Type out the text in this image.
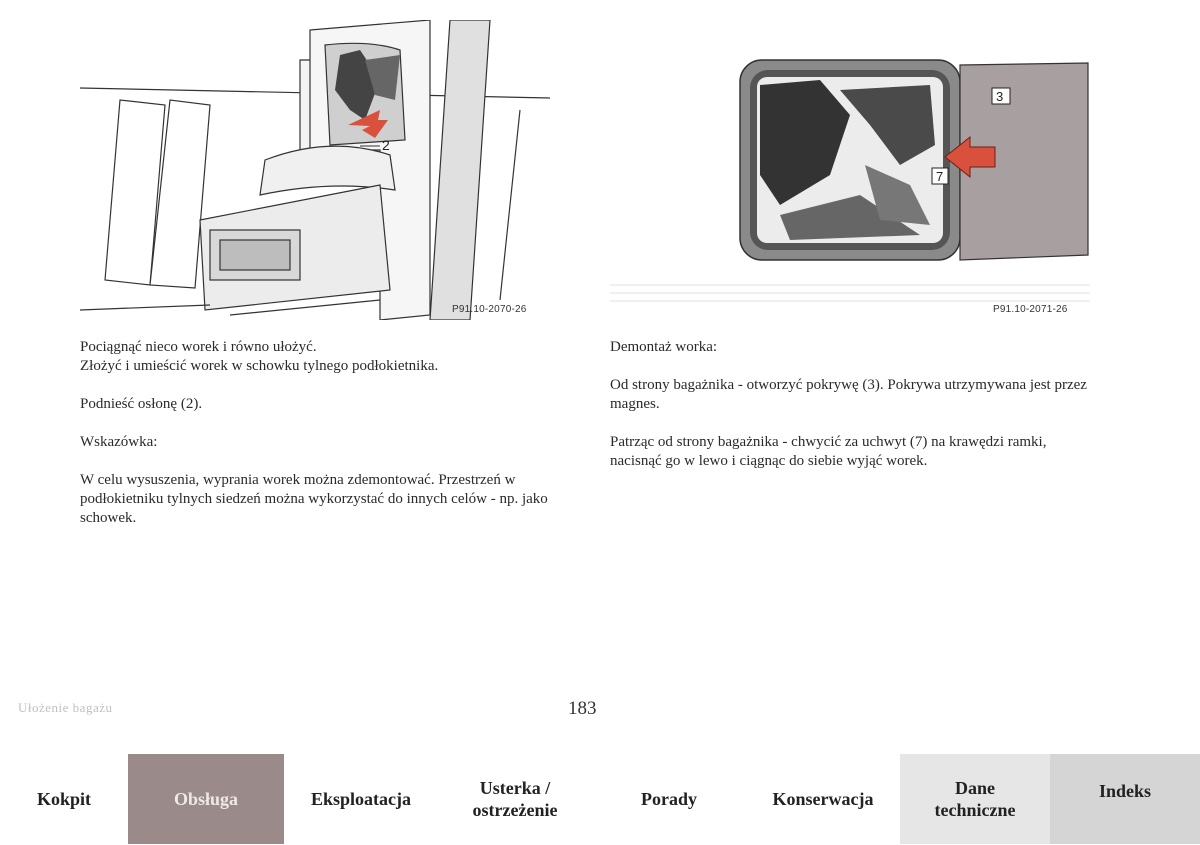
2
P91.10-2070-26
3
7
P91.10-2071-26

Pociągnąć nieco worek i równo ułożyć.
Złożyć i umieścić worek w schowku tylnego podłokietnika.

Podnieść osłonę (2).

Wskazówka:

W celu wysuszenia, wyprania worek można zdemontować. Przestrzeń w podłokietniku tylnych siedzeń można wykorzystać do innych celów - np. jako schowek.

Demontaż worka:

Od strony bagażnika - otworzyć pokrywę (3). Pokrywa utrzymywana jest przez magnes.

Patrząc od strony bagażnika - chwycić za uchwyt (7) na krawędzi ramki, nacisnąć go w lewo i ciągnąc do siebie wyjąć worek.

Ułożenie bagażu	183
Kokpit	Obsługa	Eksploatacja
Usterka /
ostrzeżenie
Porady	Konserwacja
Dane
techniczne
Indeks
